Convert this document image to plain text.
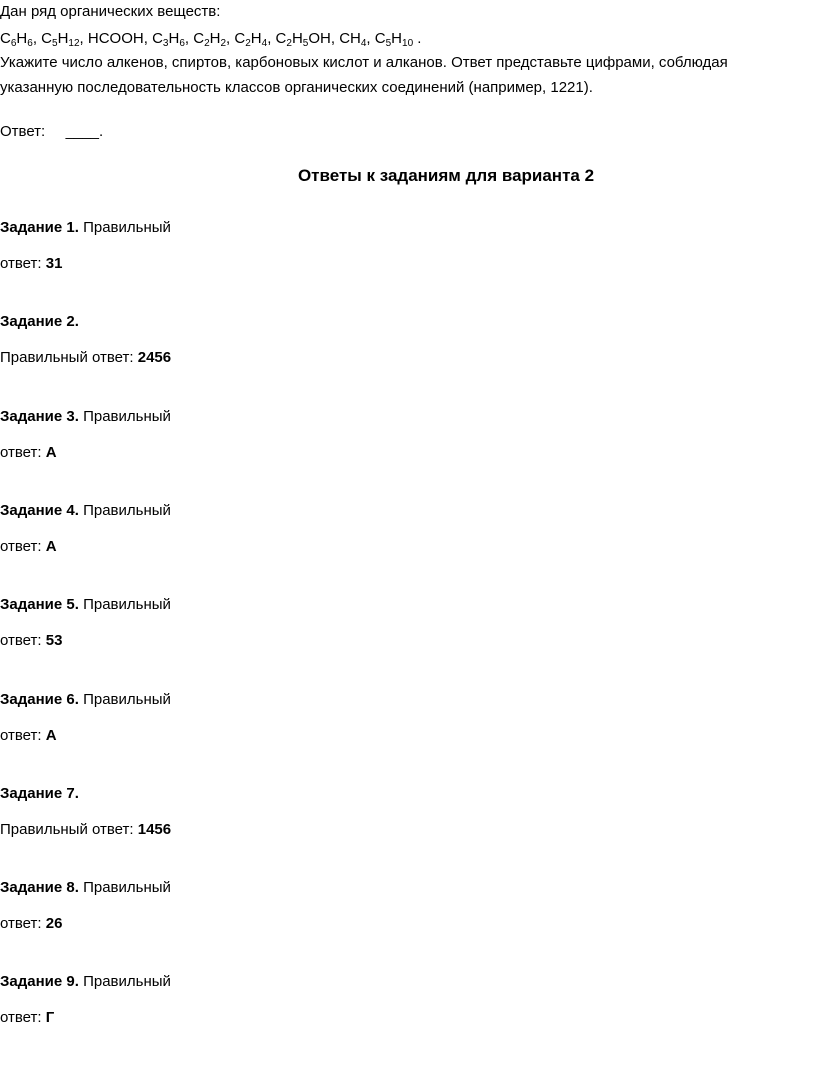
Дан ряд органических веществ:
$C_6H_6$, $C_5H_{12}$, HCOOH, $C_3H_6$, $C_2H_2$, $C_2H_4$, $C_2H_5OH$, $CH_4$, $C_5H_{10}$ .
Укажите число алкенов, спиртов, карбоновых кислот и алканов. Ответ представьте цифрами, соблюдая
указанную последовательность классов органических соединений (например, 1221).
Ответ: ____.
Ответы к заданиям для варианта 2
Задание 1. Правильный
ответ: 31
Задание 2.
Правильный ответ: 2456
Задание 3. Правильный
ответ: А
Задание 4. Правильный
ответ: А
Задание 5. Правильный
ответ: 53
Задание 6. Правильный
ответ: А
Задание 7.
Правильный ответ: 1456
Задание 8. Правильный
ответ: 26
Задание 9. Правильный
ответ: Г
